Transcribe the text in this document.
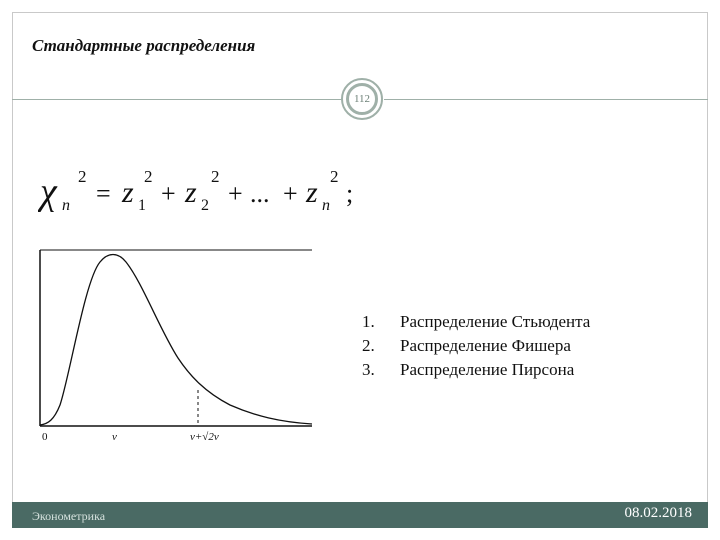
Стандартные распределения
112
χ n
2
= z 1
2
+ z 2
2
+ ... + z n
2
;
0	ν	ν+√2ν
1.	Распределение Стьюдента
2.	Распределение Фишера
3.	Распределение Пирсона
Эконометрика	08.02.2018
